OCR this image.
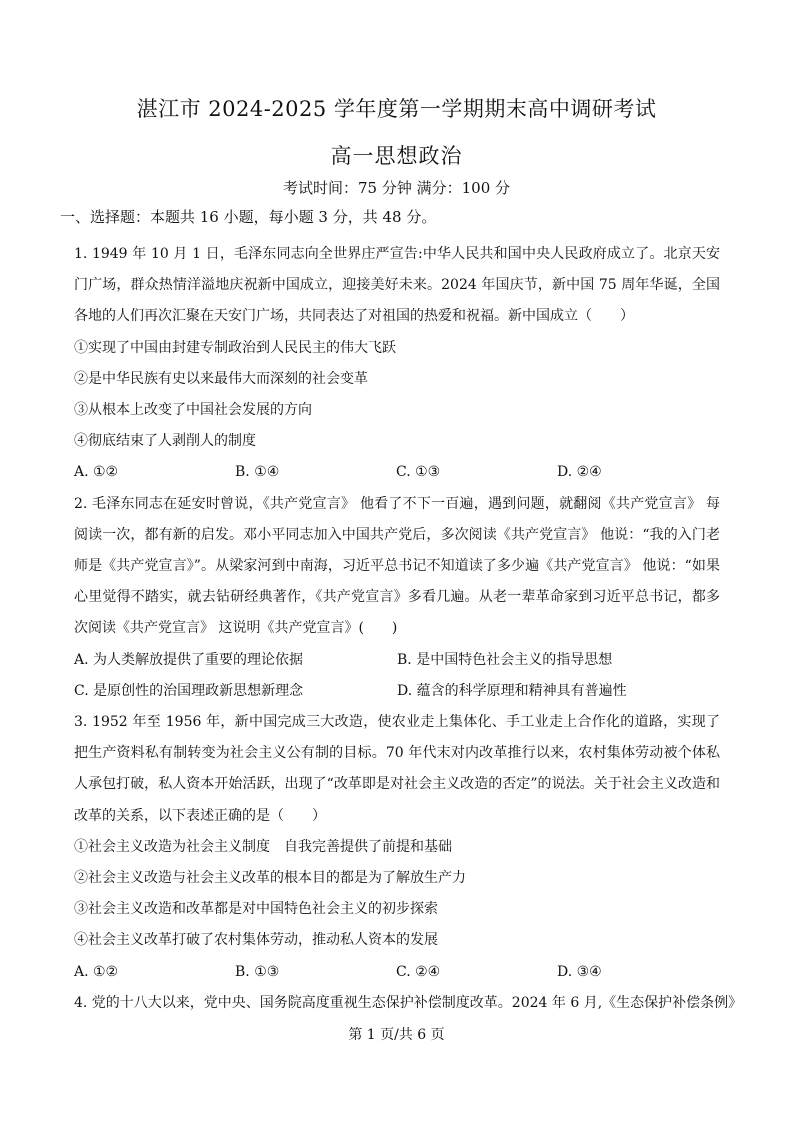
湛江市 2024-2025 学年度第一学期期末高中调研考试
高一思想政治
考试时间：75 分钟 满分：100 分
一、选择题：本题共 16 小题，每小题 3 分，共 48 分。

1. 1949 年 10 月 1 日，毛泽东同志向全世界庄严宣告:中华人民共和国中央人民政府成立了。北京天安门广场，群众热情洋溢地庆祝新中国成立，迎接美好未来。2024 年国庆节，新中国 75 周年华诞，全国各地的人们再次汇聚在天安门广场，共同表达了对祖国的热爱和祝福。新中国成立（　　）

①实现了中国由封建专制政治到人民民主的伟大飞跃

②是中华民族有史以来最伟大而深刻的社会变革

③从根本上改变了中国社会发展的方向

④彻底结束了人剥削人的制度

A. ①②	B. ①④	C. ①③	D. ②④

2. 毛泽东同志在延安时曾说，《共产党宣言》 他看了不下一百遍，遇到问题，就翻阅《共产党宣言》 每阅读一次，都有新的启发。邓小平同志加入中国共产党后，多次阅读《共产党宣言》 他说：“我的入门老师是《共产党宣言》”。从梁家河到中南海，习近平总书记不知道读了多少遍《共产党宣言》 他说：“如果心里觉得不踏实，就去钻研经典著作，《共产党宣言》多看几遍。从老一辈革命家到习近平总书记，都多次阅读《共产党宣言》 这说明《共产党宣言》(　　)

A. 为人类解放提供了重要的理论依据	B. 是中国特色社会主义的指导思想
C. 是原创性的治国理政新思想新理念	D. 蕴含的科学原理和精神具有普遍性

3. 1952 年至 1956 年，新中国完成三大改造，使农业走上集体化、手工业走上合作化的道路，实现了把生产资料私有制转变为社会主义公有制的目标。70 年代末对内改革推行以来，农村集体劳动被个体私人承包打破，私人资本开始活跃，出现了“改革即是对社会主义改造的否定”的说法。关于社会主义改造和改革的关系，以下表述正确的是（　　）

①社会主义改造为社会主义制度　自我完善提供了前提和基础

②社会主义改造与社会主义改革的根本目的都是为了解放生产力

③社会主义改造和改革都是对中国特色社会主义的初步探索

④社会主义改革打破了农村集体劳动，推动私人资本的发展

A. ①②	B. ①③	C. ②④	D. ③④

4. 党的十八大以来，党中央、国务院高度重视生态保护补偿制度改革。2024 年 6 月,《生态保护补偿条例》

第 1 页/共 6 页
